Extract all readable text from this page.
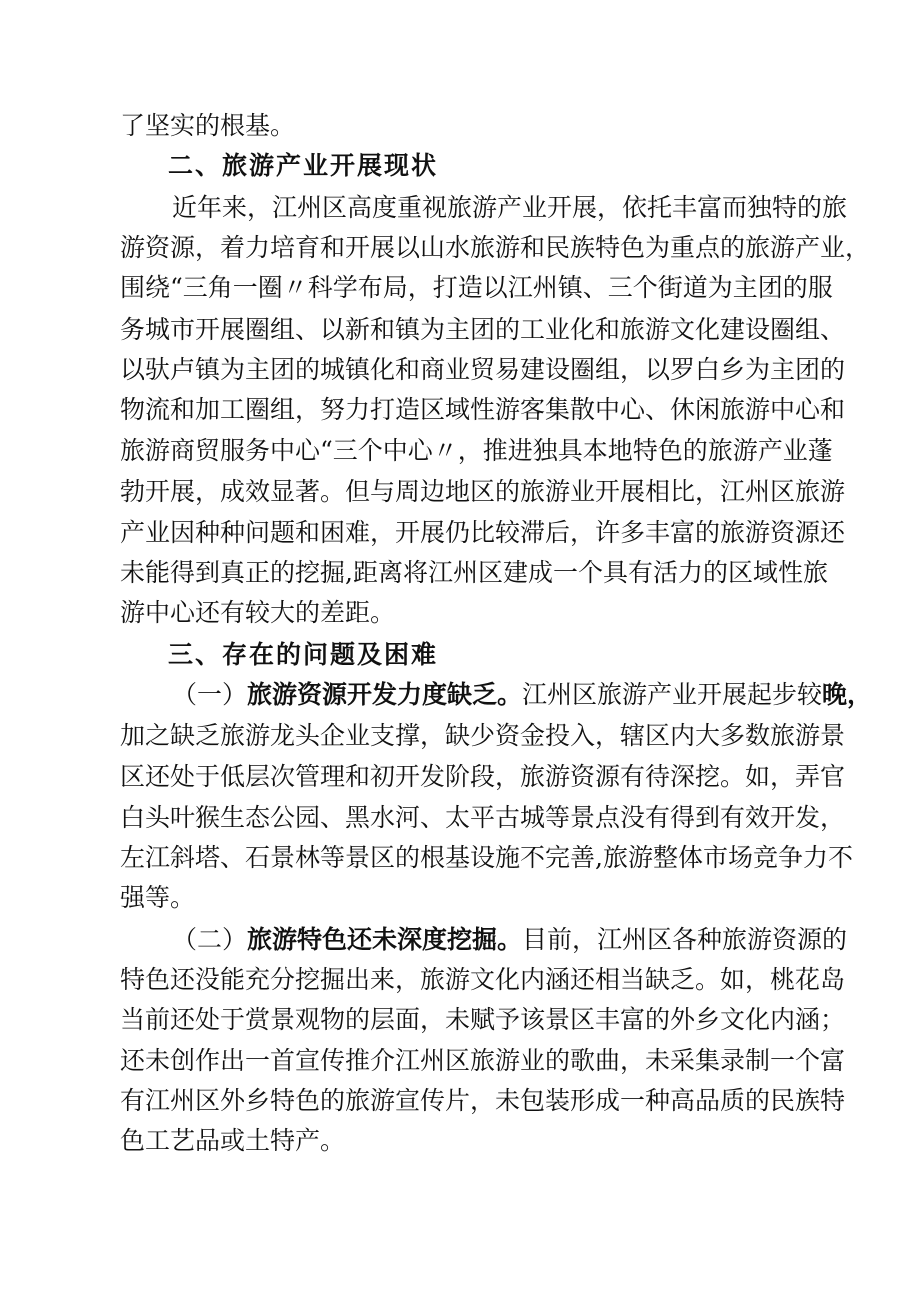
了坚实的根基。
二、旅游产业开展现状
近年来，江州区高度重视旅游产业开展，依托丰富而独特的旅
游资源，着力培育和开展以山水旅游和民族特色为重点的旅游产业，
围绕“三角一圈〃科学布局，打造以江州镇、三个街道为主团的服
务城市开展圈组、以新和镇为主团的工业化和旅游文化建设圈组、
以驮卢镇为主团的城镇化和商业贸易建设圈组，以罗白乡为主团的
物流和加工圈组，努力打造区域性游客集散中心、休闲旅游中心和
旅游商贸服务中心“三个中心〃，推进独具本地特色的旅游产业蓬
勃开展，成效显著。但与周边地区的旅游业开展相比，江州区旅游
产业因种种问题和困难，开展仍比较滞后，许多丰富的旅游资源还
未能得到真正的挖掘,距离将江州区建成一个具有活力的区域性旅
游中心还有较大的差距。
三、存在的问题及困难
（一）旅游资源开发力度缺乏。江州区旅游产业开展起步较晚，
加之缺乏旅游龙头企业支撑，缺少资金投入，辖区内大多数旅游景
区还处于低层次管理和初开发阶段，旅游资源有待深挖。如，弄官
白头叶猴生态公园、黑水河、太平古城等景点没有得到有效开发，
左江斜塔、石景林等景区的根基设施不完善,旅游整体市场竞争力不
强等。
（二）旅游特色还未深度挖掘。目前，江州区各种旅游资源的
特色还没能充分挖掘出来，旅游文化内涵还相当缺乏。如，桃花岛
当前还处于赏景观物的层面，未赋予该景区丰富的外乡文化内涵；
还未创作出一首宣传推介江州区旅游业的歌曲，未采集录制一个富
有江州区外乡特色的旅游宣传片，未包装形成一种高品质的民族特
色工艺品或土特产。
